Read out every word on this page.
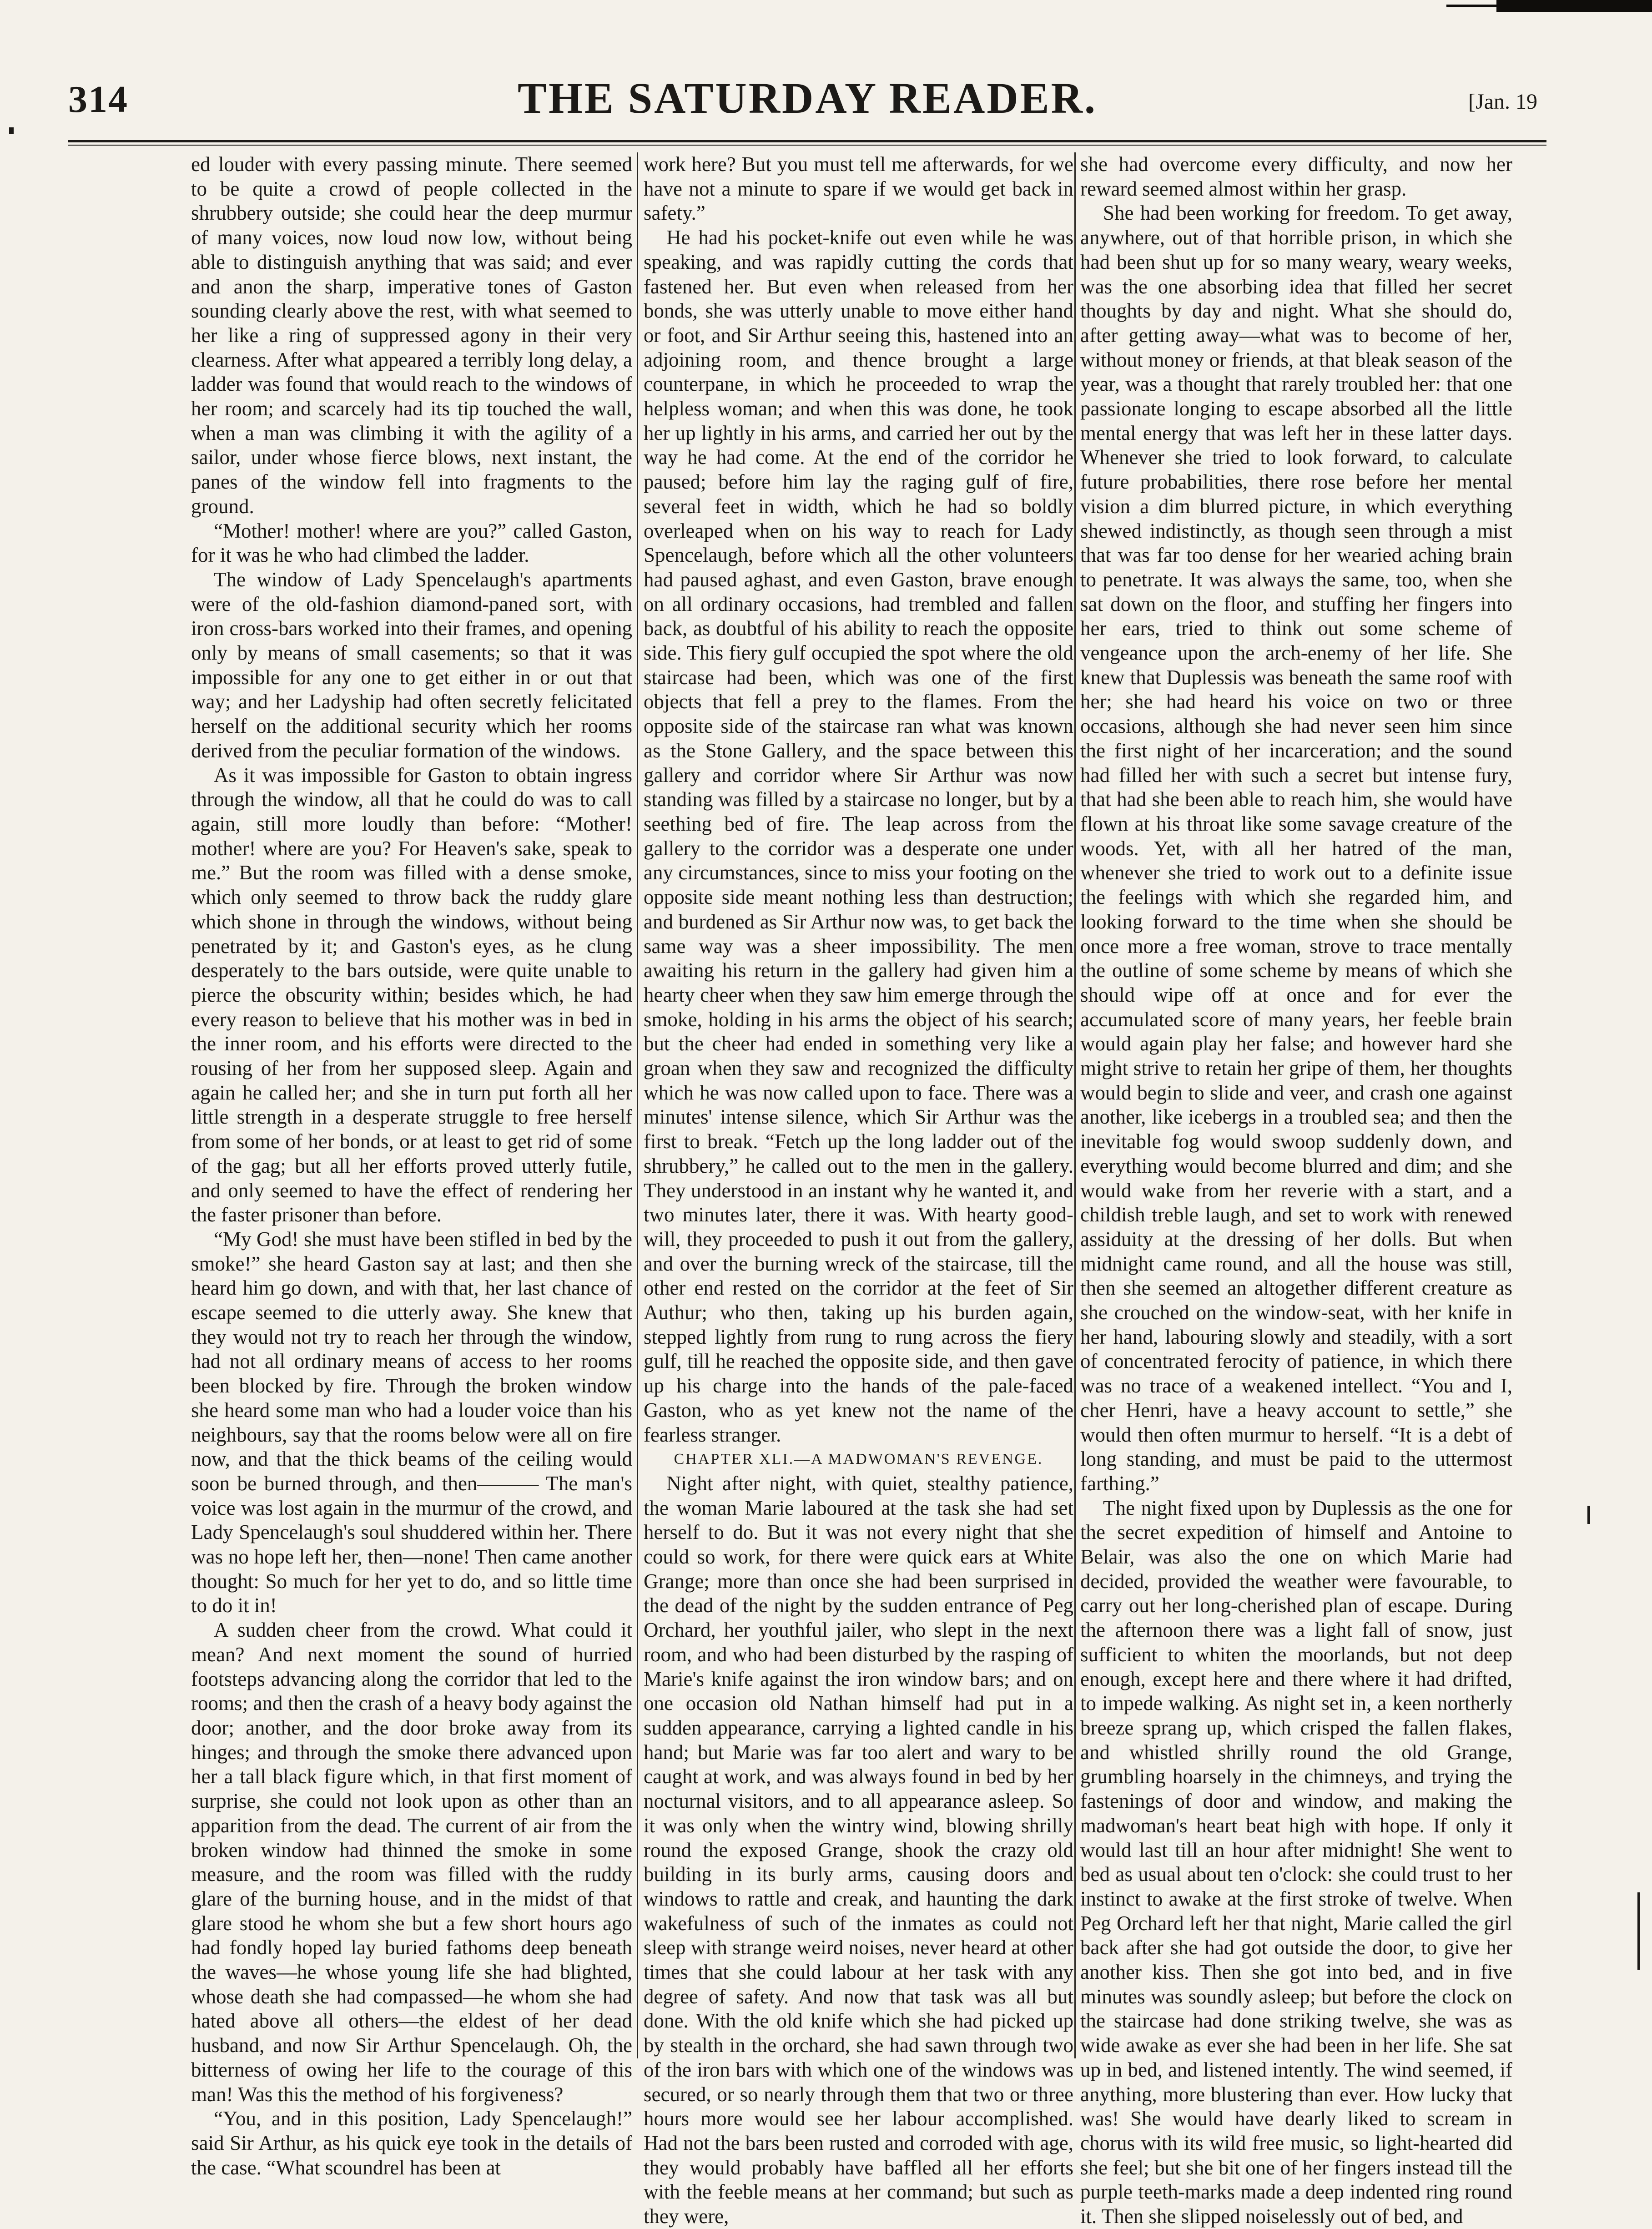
314	THE SATURDAY READER.	[Jan. 19

ed louder with every passing minute. There seemed to be quite a crowd of people collected in the shrubbery outside; she could hear the deep murmur of many voices, now loud now low, without being able to distinguish anything that was said; and ever and anon the sharp, imperative tones of Gaston sounding clearly above the rest, with what seemed to her like a ring of suppressed agony in their very clearness. After what appeared a terribly long delay, a ladder was found that would reach to the windows of her room; and scarcely had its tip touched the wall, when a man was climbing it with the agility of a sailor, under whose fierce blows, next instant, the panes of the window fell into fragments to the ground.

“Mother! mother! where are you?” called Gaston, for it was he who had climbed the ladder.

The window of Lady Spencelaugh's apartments were of the old-fashion diamond-paned sort, with iron cross-bars worked into their frames, and opening only by means of small casements; so that it was impossible for any one to get either in or out that way; and her Ladyship had often secretly felicitated herself on the additional security which her rooms derived from the peculiar formation of the windows.

As it was impossible for Gaston to obtain ingress through the window, all that he could do was to call again, still more loudly than before: “Mother! mother! where are you? For Heaven's sake, speak to me.” But the room was filled with a dense smoke, which only seemed to throw back the ruddy glare which shone in through the windows, without being penetrated by it; and Gaston's eyes, as he clung desperately to the bars outside, were quite unable to pierce the obscurity within; besides which, he had every reason to believe that his mother was in bed in the inner room, and his efforts were directed to the rousing of her from her supposed sleep. Again and again he called her; and she in turn put forth all her little strength in a desperate struggle to free herself from some of her bonds, or at least to get rid of some of the gag; but all her efforts proved utterly futile, and only seemed to have the effect of rendering her the faster prisoner than before.

“My God! she must have been stifled in bed by the smoke!” she heard Gaston say at last; and then she heard him go down, and with that, her last chance of escape seemed to die utterly away. She knew that they would not try to reach her through the window, had not all ordinary means of access to her rooms been blocked by fire. Through the broken window she heard some man who had a louder voice than his neighbours, say that the rooms below were all on fire now, and that the thick beams of the ceiling would soon be burned through, and then——— The man's voice was lost again in the murmur of the crowd, and Lady Spencelaugh's soul shuddered within her. There was no hope left her, then—none! Then came another thought: So much for her yet to do, and so little time to do it in!

A sudden cheer from the crowd. What could it mean? And next moment the sound of hurried footsteps advancing along the corridor that led to the rooms; and then the crash of a heavy body against the door; another, and the door broke away from its hinges; and through the smoke there advanced upon her a tall black figure which, in that first moment of surprise, she could not look upon as other than an apparition from the dead. The current of air from the broken window had thinned the smoke in some measure, and the room was filled with the ruddy glare of the burning house, and in the midst of that glare stood he whom she but a few short hours ago had fondly hoped lay buried fathoms deep beneath the waves—he whose young life she had blighted, whose death she had compassed—he whom she had hated above all others—the eldest of her dead husband, and now Sir Arthur Spencelaugh. Oh, the bitterness of owing her life to the courage of this man! Was this the method of his forgiveness?

“You, and in this position, Lady Spencelaugh!” said Sir Arthur, as his quick eye took in the details of the case. “What scoundrel has been at

work here? But you must tell me afterwards, for we have not a minute to spare if we would get back in safety.”

He had his pocket-knife out even while he was speaking, and was rapidly cutting the cords that fastened her. But even when released from her bonds, she was utterly unable to move either hand or foot, and Sir Arthur seeing this, hastened into an adjoining room, and thence brought a large counterpane, in which he proceeded to wrap the helpless woman; and when this was done, he took her up lightly in his arms, and carried her out by the way he had come. At the end of the corridor he paused; before him lay the raging gulf of fire, several feet in width, which he had so boldly overleaped when on his way to reach for Lady Spencelaugh, before which all the other volunteers had paused aghast, and even Gaston, brave enough on all ordinary occasions, had trembled and fallen back, as doubtful of his ability to reach the opposite side. This fiery gulf occupied the spot where the old staircase had been, which was one of the first objects that fell a prey to the flames. From the opposite side of the staircase ran what was known as the Stone Gallery, and the space between this gallery and corridor where Sir Arthur was now standing was filled by a staircase no longer, but by a seething bed of fire. The leap across from the gallery to the corridor was a desperate one under any circumstances, since to miss your footing on the opposite side meant nothing less than destruction; and burdened as Sir Arthur now was, to get back the same way was a sheer impossibility. The men awaiting his return in the gallery had given him a hearty cheer when they saw him emerge through the smoke, holding in his arms the object of his search; but the cheer had ended in something very like a groan when they saw and recognized the difficulty which he was now called upon to face. There was a minutes' intense silence, which Sir Arthur was the first to break. “Fetch up the long ladder out of the shrubbery,” he called out to the men in the gallery. They understood in an instant why he wanted it, and two minutes later, there it was. With hearty good-will, they proceeded to push it out from the gallery, and over the burning wreck of the staircase, till the other end rested on the corridor at the feet of Sir Authur; who then, taking up his burden again, stepped lightly from rung to rung across the fiery gulf, till he reached the opposite side, and then gave up his charge into the hands of the pale-faced Gaston, who as yet knew not the name of the fearless stranger.

CHAPTER XLI.—A MADWOMAN'S REVENGE.

Night after night, with quiet, stealthy patience, the woman Marie laboured at the task she had set herself to do. But it was not every night that she could so work, for there were quick ears at White Grange; more than once she had been surprised in the dead of the night by the sudden entrance of Peg Orchard, her youthful jailer, who slept in the next room, and who had been disturbed by the rasping of Marie's knife against the iron window bars; and on one occasion old Nathan himself had put in a sudden appearance, carrying a lighted candle in his hand; but Marie was far too alert and wary to be caught at work, and was always found in bed by her nocturnal visitors, and to all appearance asleep. So it was only when the wintry wind, blowing shrilly round the exposed Grange, shook the crazy old building in its burly arms, causing doors and windows to rattle and creak, and haunting the dark wakefulness of such of the inmates as could not sleep with strange weird noises, never heard at other times that she could labour at her task with any degree of safety. And now that task was all but done. With the old knife which she had picked up by stealth in the orchard, she had sawn through two of the iron bars with which one of the windows was secured, or so nearly through them that two or three hours more would see her labour accomplished. Had not the bars been rusted and corroded with age, they would probably have baffled all her efforts with the feeble means at her command; but such as they were,

she had overcome every difficulty, and now her reward seemed almost within her grasp.

She had been working for freedom. To get away, anywhere, out of that horrible prison, in which she had been shut up for so many weary, weary weeks, was the one absorbing idea that filled her secret thoughts by day and night. What she should do, after getting away—what was to become of her, without money or friends, at that bleak season of the year, was a thought that rarely troubled her: that one passionate longing to escape absorbed all the little mental energy that was left her in these latter days. Whenever she tried to look forward, to calculate future probabilities, there rose before her mental vision a dim blurred picture, in which everything shewed indistinctly, as though seen through a mist that was far too dense for her wearied aching brain to penetrate. It was always the same, too, when she sat down on the floor, and stuffing her fingers into her ears, tried to think out some scheme of vengeance upon the arch-enemy of her life. She knew that Duplessis was beneath the same roof with her; she had heard his voice on two or three occasions, although she had never seen him since the first night of her incarceration; and the sound had filled her with such a secret but intense fury, that had she been able to reach him, she would have flown at his throat like some savage creature of the woods. Yet, with all her hatred of the man, whenever she tried to work out to a definite issue the feelings with which she regarded him, and looking forward to the time when she should be once more a free woman, strove to trace mentally the outline of some scheme by means of which she should wipe off at once and for ever the accumulated score of many years, her feeble brain would again play her false; and however hard she might strive to retain her gripe of them, her thoughts would begin to slide and veer, and crash one against another, like icebergs in a troubled sea; and then the inevitable fog would swoop suddenly down, and everything would become blurred and dim; and she would wake from her reverie with a start, and a childish treble laugh, and set to work with renewed assiduity at the dressing of her dolls. But when midnight came round, and all the house was still, then she seemed an altogether different creature as she crouched on the window-seat, with her knife in her hand, labouring slowly and steadily, with a sort of concentrated ferocity of patience, in which there was no trace of a weakened intellect. “You and I, cher Henri, have a heavy account to settle,” she would then often murmur to herself. “It is a debt of long standing, and must be paid to the uttermost farthing.”

The night fixed upon by Duplessis as the one for the secret expedition of himself and Antoine to Belair, was also the one on which Marie had decided, provided the weather were favourable, to carry out her long-cherished plan of escape. During the afternoon there was a light fall of snow, just sufficient to whiten the moorlands, but not deep enough, except here and there where it had drifted, to impede walking. As night set in, a keen northerly breeze sprang up, which crisped the fallen flakes, and whistled shrilly round the old Grange, grumbling hoarsely in the chimneys, and trying the fastenings of door and window, and making the madwoman's heart beat high with hope. If only it would last till an hour after midnight! She went to bed as usual about ten o'clock: she could trust to her instinct to awake at the first stroke of twelve. When Peg Orchard left her that night, Marie called the girl back after she had got outside the door, to give her another kiss. Then she got into bed, and in five minutes was soundly asleep; but before the clock on the staircase had done striking twelve, she was as wide awake as ever she had been in her life. She sat up in bed, and listened intently. The wind seemed, if anything, more blustering than ever. How lucky that was! She would have dearly liked to scream in chorus with its wild free music, so light-hearted did she feel; but she bit one of her fingers instead till the purple teeth-marks made a deep indented ring round it. Then she slipped noiselessly out of bed, and
